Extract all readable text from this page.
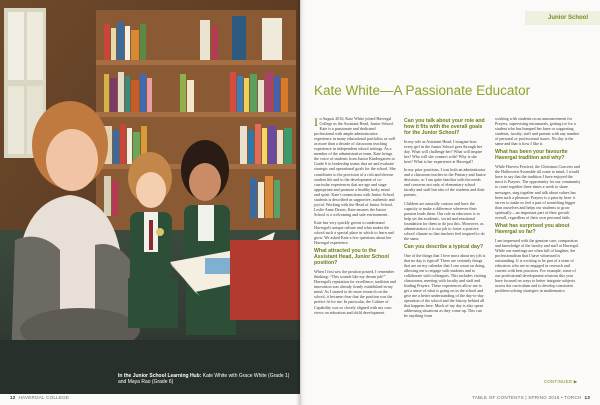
In the Junior School Learning Hub: Kate White with Grace White (Grade 1) and Maya Rao (Grade 6)
12 HAVERGAL COLLEGE
Junior School
Kate White—A Passionate Educator

In August 2016, Kate White joined Havergal College as the Assistant Head, Junior School. Kate is a passionate and dedicated professional with ample administrative experience in many educational portfolios as well as more than a decade of classroom teaching experience in independent school settings. As a member of the administrative team, Kate brings the voice of students from Junior Kindergarten to Grade 6 to leadership teams that set and evaluate strategic and operational goals for the school. She contributes to the provision of a rich and diverse student life and to the development of co-curricular experiences that are age and stage appropriate and promote a healthy body, mind and spirit. Kate's connections with Junior School students is described as supportive, authentic and joyful. Working with the Head of Junior School, Leslie Anne Dexter, Kate ensures the Junior School is a welcoming and safe environment.

Kate has very quickly grown to understand Havergal's unique culture and what makes the school such a special place in which to learn and grow. We asked Kate a few questions about her Havergal experience.

What attracted you to the Assistant Head, Junior School position?

When I first saw the position posted, I remember thinking: “This sounds like my dream job!” Havergal's reputation for excellence, tradition and innovation was already firmly established in my mind. As I started to do more research on the school, it became clear that the position was the perfect fit for me. In particular, the Culture of Capability was so closely aligned with my own views on education and child development.

Can you talk about your role and how it fits with the overall goals for the Junior School?

In my role as Assistant Head, I imagine how every girl in the Junior School goes through her day. What will challenge her? What will inspire her? Who will she connect with? Why is she here? What is her experience at Havergal?

In my prior positions, I was both an administrator and a classroom teacher in the Primary and Junior divisions, so I am quite familiar with the needs and concerns not only of elementary school faculty and staff but also of the students and their parents.

Children are naturally curious and have the capacity to make a difference wherever their passion leads them. Our role as educators is to help set the academic, social and emotional foundation for them to do just this. Moreover, as administrators it is our job to foster a positive school climate so that teachers feel inspired to do the same.

Can you describe a typical day?

One of the things that I love most about my job is that no day is typical! There are certainly things that are on my calendar that I can count on doing, allowing me to engage with students and to collaborate with colleagues. This includes visiting classrooms, meeting with faculty and staff and leading Prayers. These experiences allow me to get a sense of what is going on in the school and give me a better understanding of the day-to-day operation of the school and the history behind all that happens here. Much of my day is also spent addressing situations as they come up. This can be anything from

working with students on an announcement for Prayers, supervising intramurals, getting ice for a student who has bumped her knee or supporting students, faculty, staff and parents with any number of personal or professional issues. No day is the same and that is how I like it.

What has been your favourite Havergal tradition and why?

While Harvest Festival, the Christmas Concerts and the Halloween Assemble all come to mind, I would have to say that the tradition I have enjoyed the most is Prayers. The opportunity for our community to come together three times a week to share messages, sing together and talk about values has been such a pleasure. Prayers is a priority here: it serves to make us feel a part of something bigger than ourselves and helps our students to grow spiritually—an important part of their growth overall, regardless of their own personal faith.

What has surprised you about Havergal so far?

I am impressed with the genuine care, compassion and knowledge of the faculty and staff at Havergal. While our meetings are often full of laughter, the professionalism that I have witnessed is outstanding. It is exciting to be part of a team of educators who are so engaged in research and current with best practices. For example, some of our professional development sessions this year have focused on ways to better integrate subjects across the curriculum and to develop consistent problem-solving strategies in mathematics.

CONTINUED ▶
TABLE OF CONTENTS | SPRING 2016 • TORCH 13
